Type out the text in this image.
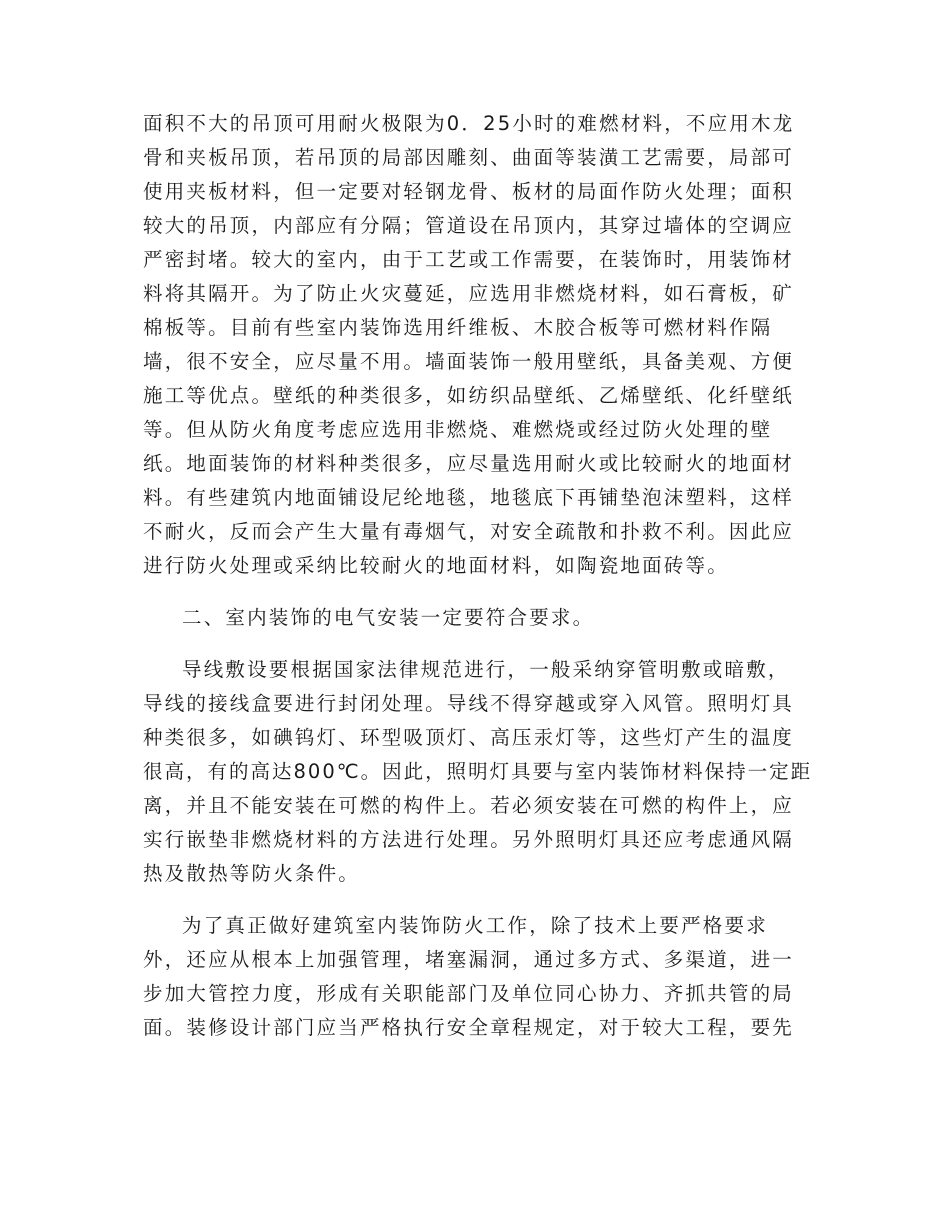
面积不大的吊顶可用耐火极限为0．25小时的难燃材料，不应用木龙
骨和夹板吊顶，若吊顶的局部因雕刻、曲面等装潢工艺需要，局部可
使用夹板材料，但一定要对轻钢龙骨、板材的局面作防火处理；面积
较大的吊顶，内部应有分隔；管道设在吊顶内，其穿过墙体的空调应
严密封堵。较大的室内，由于工艺或工作需要，在装饰时，用装饰材
料将其隔开。为了防止火灾蔓延，应选用非燃烧材料，如石膏板，矿
棉板等。目前有些室内装饰选用纤维板、木胶合板等可燃材料作隔
墙，很不安全，应尽量不用。墙面装饰一般用壁纸，具备美观、方便
施工等优点。壁纸的种类很多，如纺织品壁纸、乙烯壁纸、化纤壁纸
等。但从防火角度考虑应选用非燃烧、难燃烧或经过防火处理的壁
纸。地面装饰的材料种类很多，应尽量选用耐火或比较耐火的地面材
料。有些建筑内地面铺设尼纶地毯，地毯底下再铺垫泡沫塑料，这样
不耐火，反而会产生大量有毒烟气，对安全疏散和扑救不利。因此应
进行防火处理或采纳比较耐火的地面材料，如陶瓷地面砖等。
二、室内装饰的电气安装一定要符合要求。
导线敷设要根据国家法律规范进行，一般采纳穿管明敷或暗敷，
导线的接线盒要进行封闭处理。导线不得穿越或穿入风管。照明灯具
种类很多，如碘钨灯、环型吸顶灯、高压汞灯等，这些灯产生的温度
很高，有的高达800℃。因此，照明灯具要与室内装饰材料保持一定距
离，并且不能安装在可燃的构件上。若必须安装在可燃的构件上，应
实行嵌垫非燃烧材料的方法进行处理。另外照明灯具还应考虑通风隔
热及散热等防火条件。
为了真正做好建筑室内装饰防火工作，除了技术上要严格要求
外，还应从根本上加强管理，堵塞漏洞，通过多方式、多渠道，进一
步加大管控力度，形成有关职能部门及单位同心协力、齐抓共管的局
面。装修设计部门应当严格执行安全章程规定，对于较大工程，要先
